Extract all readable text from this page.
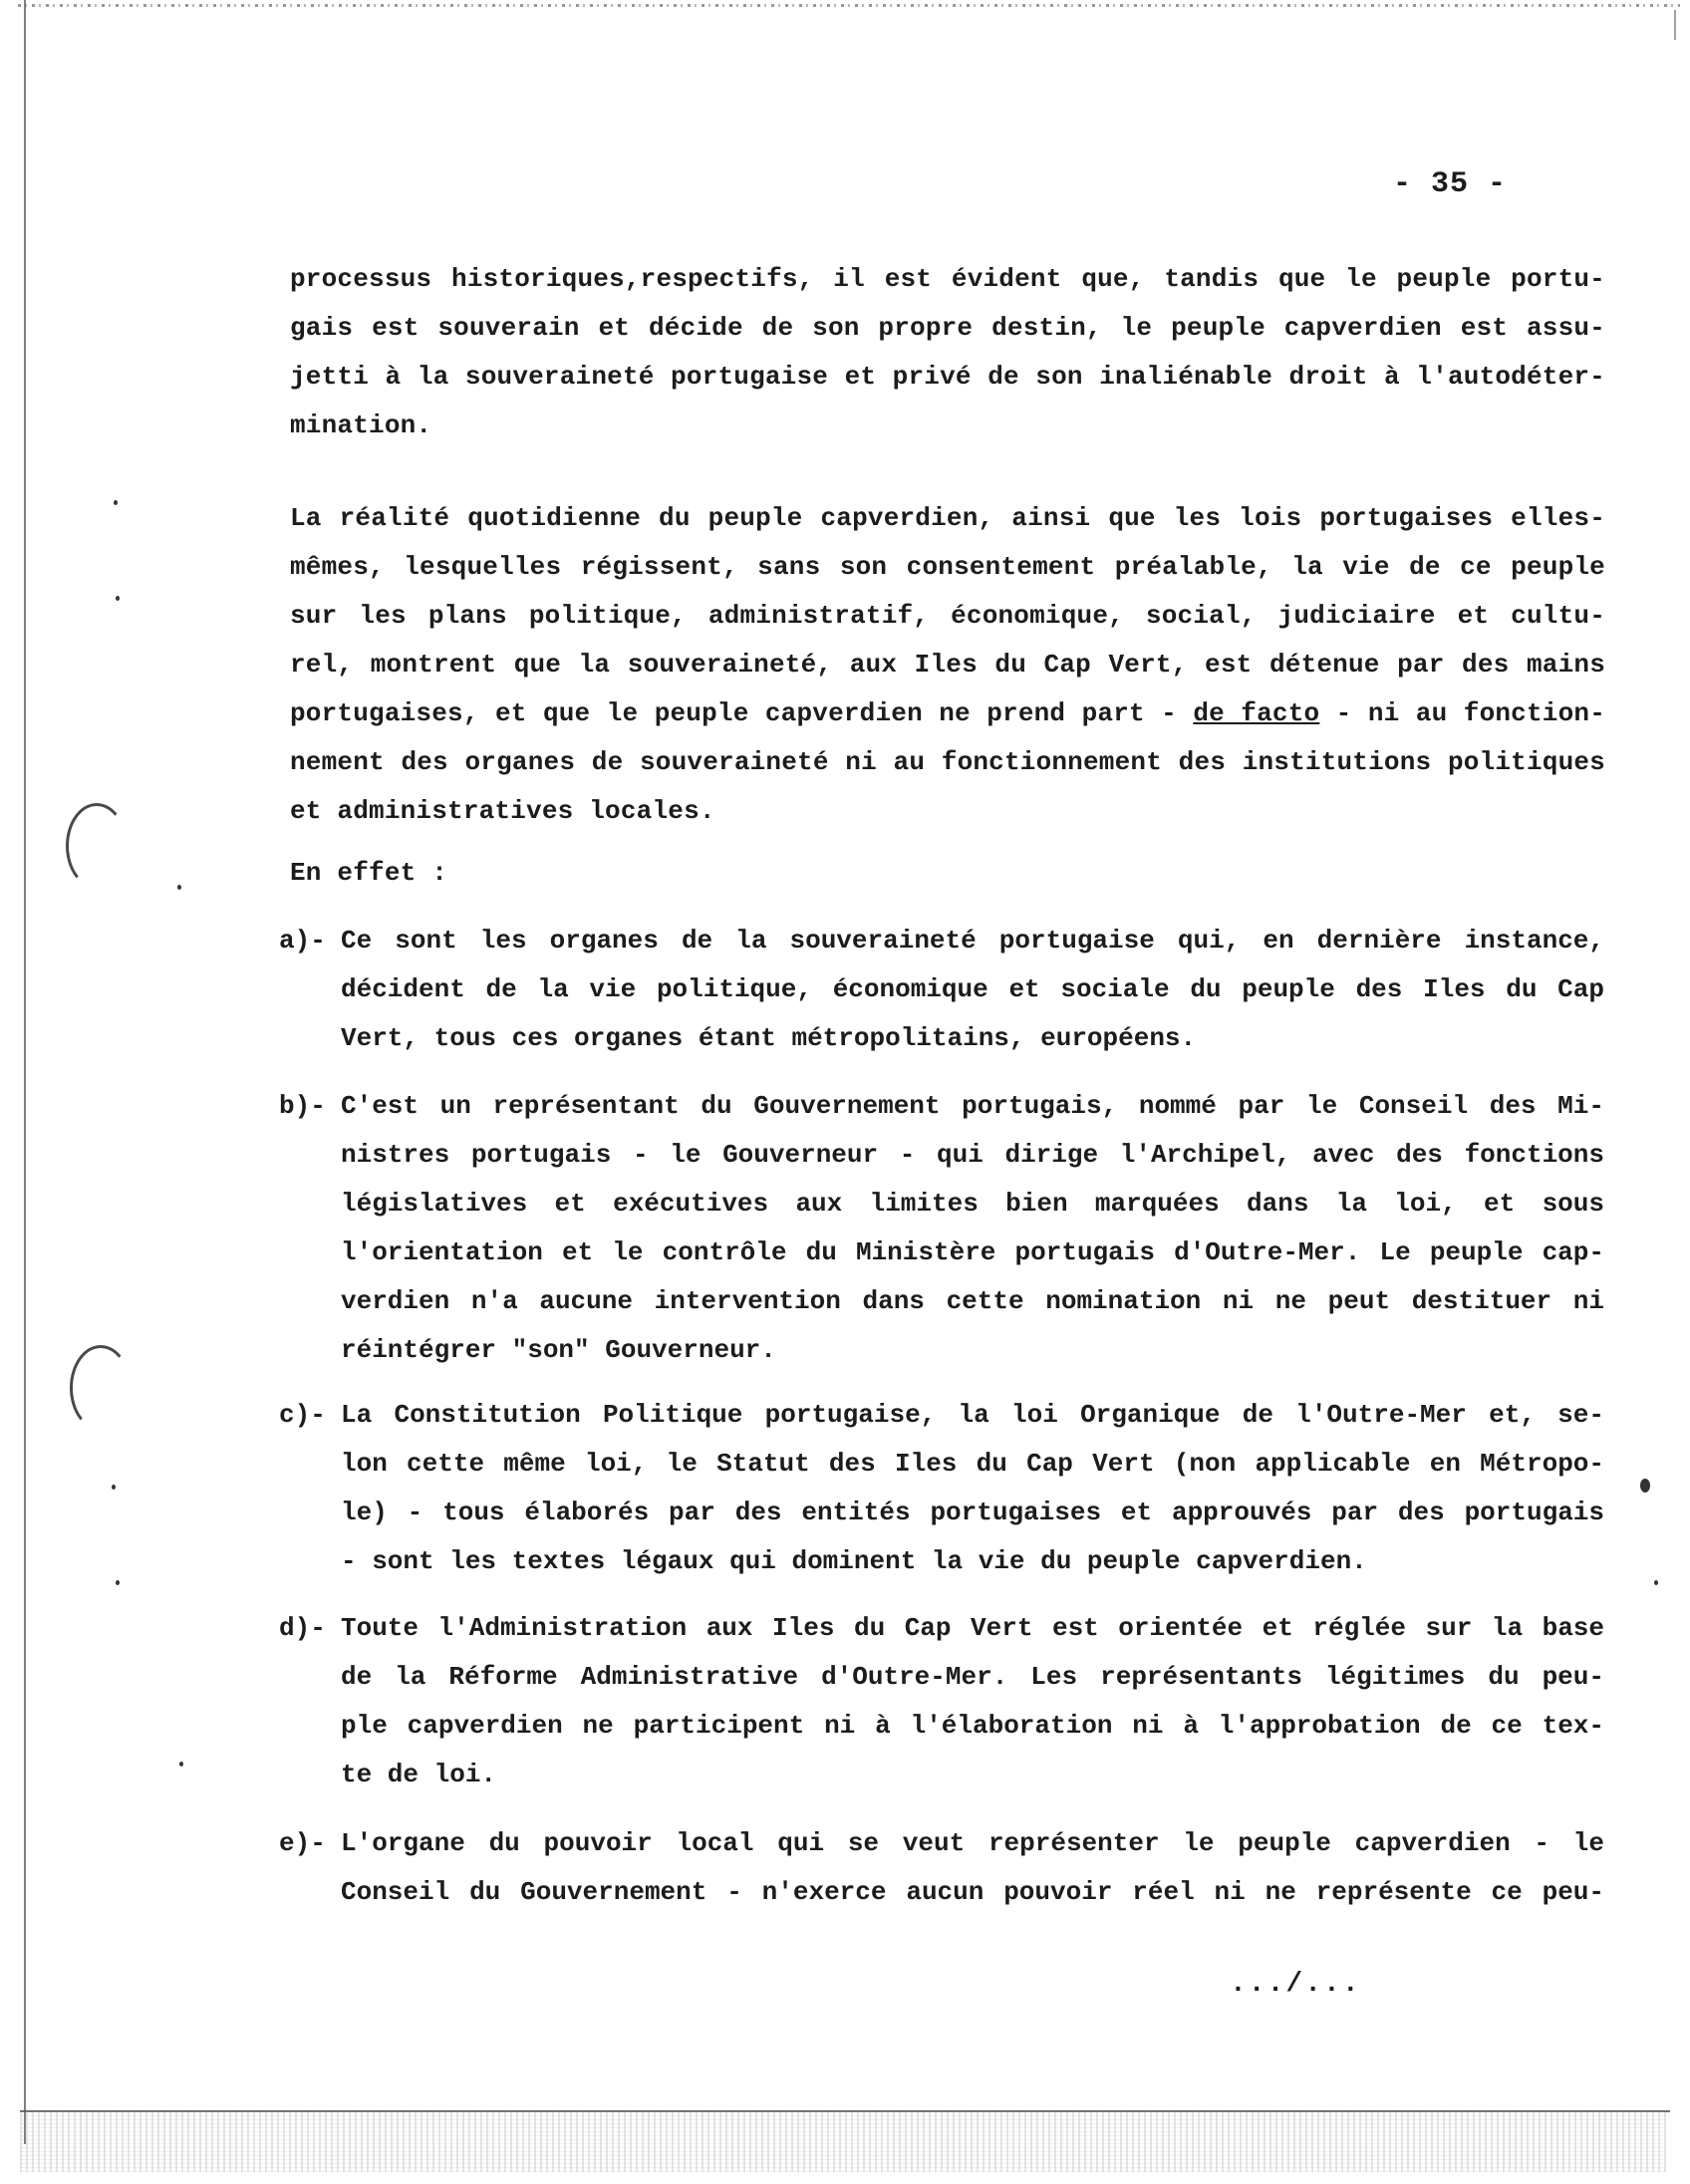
- 35 -
processus historiques,respectifs, il est évident que, tandis que le peuple portu-
gais est souverain et décide de son propre destin, le peuple capverdien est assu-
jetti à la souveraineté portugaise et privé de son inaliénable droit à l'autodéter-
mination.
La réalité quotidienne du peuple capverdien, ainsi que les lois portugaises elles-
mêmes, lesquelles régissent, sans son consentement préalable, la vie de ce peuple
sur les plans politique, administratif, économique, social, judiciaire et cultu-
rel, montrent que la souveraineté, aux Iles du Cap Vert, est détenue par des mains
portugaises, et que le peuple capverdien ne prend part - de facto - ni au fonction-
nement des organes de souveraineté ni au fonctionnement des institutions politiques
et administratives locales.
En effet :
a)- Ce sont les organes de la souveraineté portugaise qui, en dernière instance,
décident de la vie politique, économique et sociale du peuple des Iles du Cap
Vert, tous ces organes étant métropolitains, européens.
b)- C'est un représentant du Gouvernement portugais, nommé par le Conseil des Mi-
nistres portugais - le Gouverneur - qui dirige l'Archipel, avec des fonctions
législatives et exécutives aux limites bien marquées dans la loi, et sous
l'orientation et le contrôle du Ministère portugais d'Outre-Mer. Le peuple cap-
verdien n'a aucune intervention dans cette nomination ni ne peut destituer ni
réintégrer "son" Gouverneur.
c)- La Constitution Politique portugaise, la loi Organique de l'Outre-Mer et, se-
lon cette même loi, le Statut des Iles du Cap Vert (non applicable en Métropo-
le) - tous élaborés par des entités portugaises et approuvés par des portugais
- sont les textes légaux qui dominent la vie du peuple capverdien.
d)- Toute l'Administration aux Iles du Cap Vert est orientée et réglée sur la base
de la Réforme Administrative d'Outre-Mer. Les représentants légitimes du peu-
ple capverdien ne participent ni à l'élaboration ni à l'approbation de ce tex-
te de loi.
e)- L'organe du pouvoir local qui se veut représenter le peuple capverdien - le
Conseil du Gouvernement - n'exerce aucun pouvoir réel ni ne représente ce peu-
.../...
